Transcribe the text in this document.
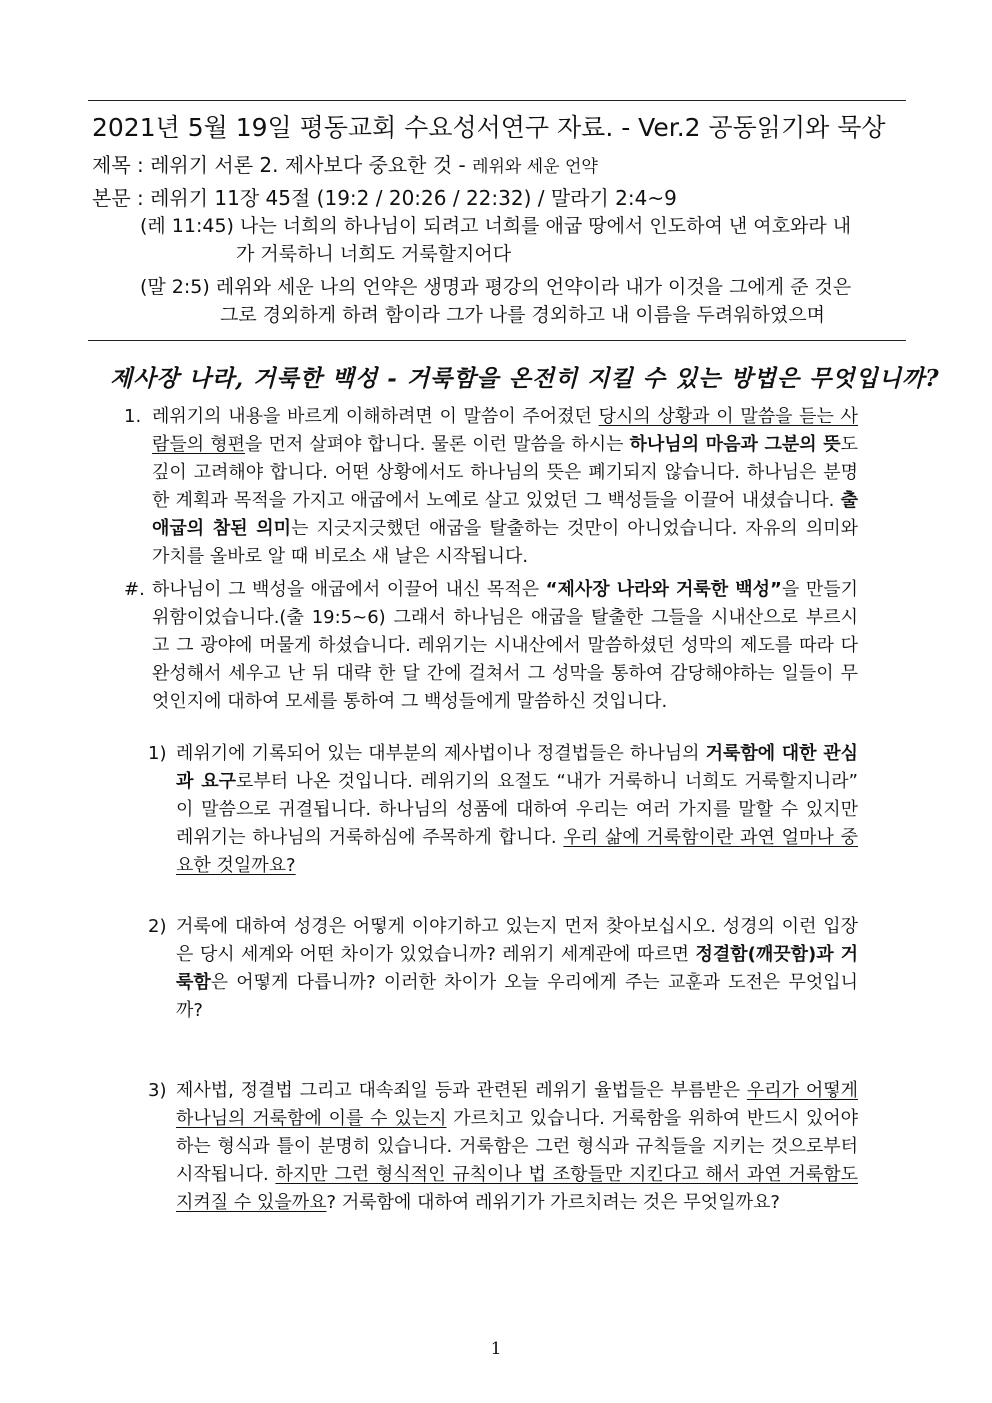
2021년 5월 19일 평동교회 수요성서연구 자료. - Ver.2 공동읽기와 묵상
제목 : 레위기 서론 2. 제사보다 중요한 것 - 레위와 세운 언약
본문 : 레위기 11장 45절 (19:2 / 20:26 / 22:32) / 말라기 2:4~9
(레 11:45) 나는 너희의 하나님이 되려고 너희를 애굽 땅에서 인도하여 낸 여호와라 내
가 거룩하니 너희도 거룩할지어다
(말 2:5) 레위와 세운 나의 언약은 생명과 평강의 언약이라 내가 이것을 그에게 준 것은
그로 경외하게 하려 함이라 그가 나를 경외하고 내 이름을 두려워하였으며
제사장 나라, 거룩한 백성 - 거룩함을 온전히 지킬 수 있는 방법은 무엇입니까?
1. 레위기의 내용을 바르게 이해하려면 이 말씀이 주어졌던 당시의 상황과 이 말씀을 듣는 사람들의 형편을 먼저 살펴야 합니다. 물론 이런 말씀을 하시는 하나님의 마음과 그분의 뜻도 깊이 고려해야 합니다. 어떤 상황에서도 하나님의 뜻은 폐기되지 않습니다. 하나님은 분명한 계획과 목적을 가지고 애굽에서 노예로 살고 있었던 그 백성들을 이끌어 내셨습니다. 출애굽의 참된 의미는 지긋지긋했던 애굽을 탈출하는 것만이 아니었습니다. 자유의 의미와 가치를 올바로 알 때 비로소 새 날은 시작됩니다.
#. 하나님이 그 백성을 애굽에서 이끌어 내신 목적은 “제사장 나라와 거룩한 백성”을 만들기 위함이었습니다.(출 19:5~6) 그래서 하나님은 애굽을 탈출한 그들을 시내산으로 부르시고 그 광야에 머물게 하셨습니다. 레위기는 시내산에서 말씀하셨던 성막의 제도를 따라 다 완성해서 세우고 난 뒤 대략 한 달 간에 걸쳐서 그 성막을 통하여 감당해야하는 일들이 무엇인지에 대하여 모세를 통하여 그 백성들에게 말씀하신 것입니다.
1) 레위기에 기록되어 있는 대부분의 제사법이나 정결법들은 하나님의 거룩함에 대한 관심과 요구로부터 나온 것입니다. 레위기의 요절도 “내가 거룩하니 너희도 거룩할지니라” 이 말씀으로 귀결됩니다. 하나님의 성품에 대하여 우리는 여러 가지를 말할 수 있지만 레위기는 하나님의 거룩하심에 주목하게 합니다. 우리 삶에 거룩함이란 과연 얼마나 중요한 것일까요?
2) 거룩에 대하여 성경은 어떻게 이야기하고 있는지 먼저 찾아보십시오. 성경의 이런 입장은 당시 세계와 어떤 차이가 있었습니까? 레위기 세계관에 따르면 정결함(깨끗함)과 거룩함은 어떻게 다릅니까? 이러한 차이가 오늘 우리에게 주는 교훈과 도전은 무엇입니까?
3) 제사법, 정결법 그리고 대속죄일 등과 관련된 레위기 율법들은 부름받은 우리가 어떻게 하나님의 거룩함에 이를 수 있는지 가르치고 있습니다. 거룩함을 위하여 반드시 있어야 하는 형식과 틀이 분명히 있습니다. 거룩함은 그런 형식과 규칙들을 지키는 것으로부터 시작됩니다. 하지만 그런 형식적인 규칙이나 법 조항들만 지킨다고 해서 과연 거룩함도 지켜질 수 있을까요? 거룩함에 대하여 레위기가 가르치려는 것은 무엇일까요?
1
